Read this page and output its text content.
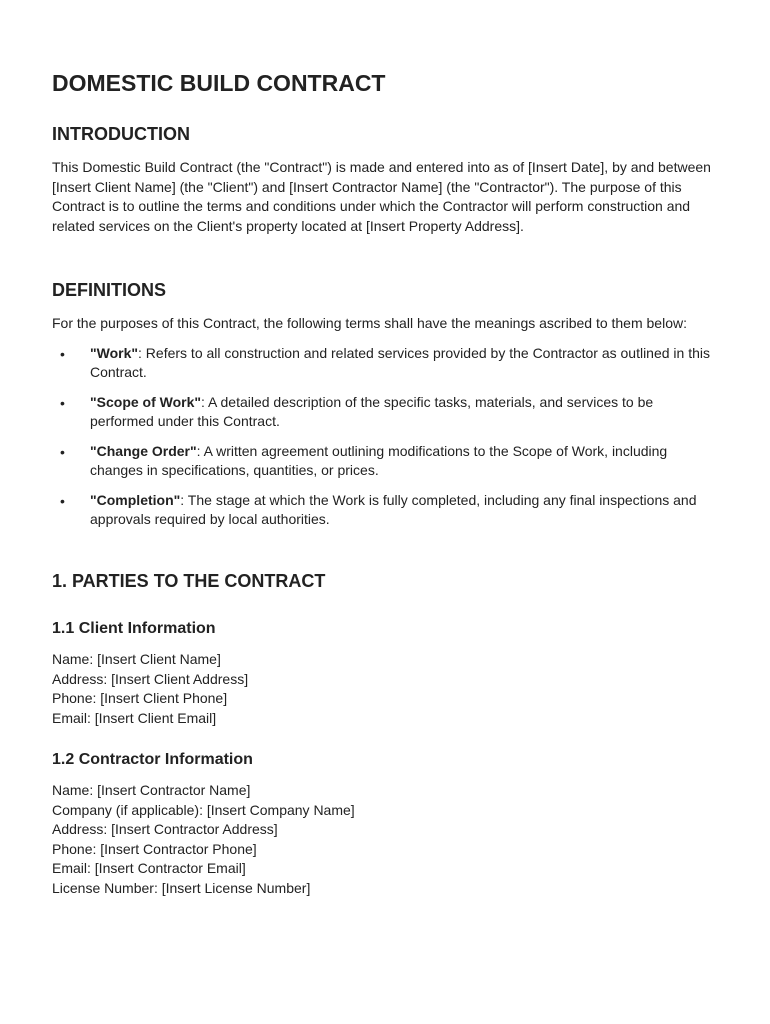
DOMESTIC BUILD CONTRACT
INTRODUCTION

This Domestic Build Contract (the "Contract") is made and entered into as of [Insert Date], by and between [Insert Client Name] (the "Client") and [Insert Contractor Name] (the "Contractor"). The purpose of this Contract is to outline the terms and conditions under which the Contractor will perform construction and related services on the Client's property located at [Insert Property Address].

DEFINITIONS

For the purposes of this Contract, the following terms shall have the meanings ascribed to them below:

• "Work": Refers to all construction and related services provided by the Contractor as outlined in this Contract.
• "Scope of Work": A detailed description of the specific tasks, materials, and services to be performed under this Contract.
• "Change Order": A written agreement outlining modifications to the Scope of Work, including changes in specifications, quantities, or prices.
• "Completion": The stage at which the Work is fully completed, including any final inspections and approvals required by local authorities.
1. PARTIES TO THE CONTRACT
1.1 Client Information
Name: [Insert Client Name]
Address: [Insert Client Address]
Phone: [Insert Client Phone]
Email: [Insert Client Email]
1.2 Contractor Information
Name: [Insert Contractor Name]
Company (if applicable): [Insert Company Name]
Address: [Insert Contractor Address]
Phone: [Insert Contractor Phone]
Email: [Insert Contractor Email]
License Number: [Insert License Number]
